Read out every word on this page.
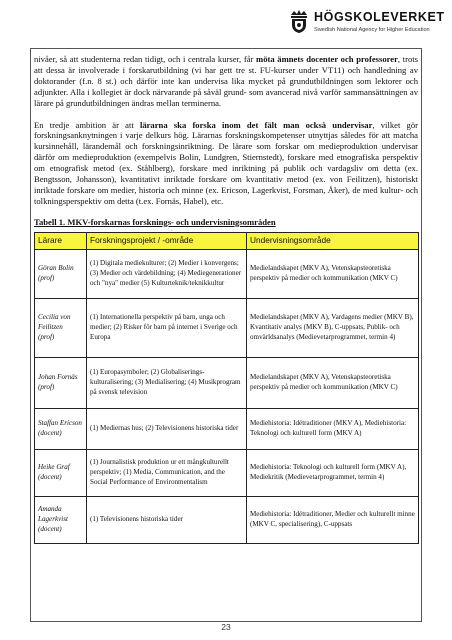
HÖGSKOLEVERKET
Swedish National Agency for Higher Education

nivåer, så att studenterna redan tidigt, och i centrala kurser, får möta ämnets docenter och professorer, trots att dessa är involverade i forskarutbildning (vi har gett tre st. FU-kurser under VT11) och handledning av doktorander (f.n. 8 st.) och därför inte kan undervisa lika mycket på grundutbildningen som lektorer och adjunkter. Alla i kollegiet är dock närvarande på såväl grund- som avancerad nivå varför sammansättningen av lärare på grundutbildningen ändras mellan terminerna.

En tredje ambition är att lärarna ska forska inom det fält man också undervisar, vilket gör forskningsanknytningen i varje delkurs hög. Lärarnas forskningskompetenser utnyttjas således för att matcha kursinnehåll, lärandemål och forskningsinriktning. De lärare som forskar om medieproduktion undervisar därför om medieproduktion (exempelvis Bolin, Lundgren, Stiernstedt), forskare med etnografiska perspektiv om etnografisk metod (ex. Ståhlberg), forskare med inriktning på publik och vardagsliv om detta (ex. Bengtsson, Johansson), kvantitativt inriktade forskare om kvantitativ metod (ex. von Feilitzen), historiskt inriktade forskare om medier, historia och minne (ex. Ericson, Lagerkvist, Forsman, Åker), de med kultur- och tolkningsperspektiv om detta (t.ex. Fornäs, Habel), etc.

Tabell 1. MKV-forskarnas forsknings- och undervisningsområden
Lärare	Forskningsprojekt / -område	Undervisningsområde
Göran Bolin
(prof)	(1) Digitala mediekulturer; (2) Medier i konvergens; (3) Medier och värdebildning; (4) Mediegenerationer och "nya" medier (5) Kulturteknik/teknikkultur	Medielandskapet (MKV A), Vetenskapsteoretiska perspektiv på medier och kommunikation (MKV C)
Cecilia von Feilitzen
(prof)	(1) Internationella perspektiv på barn, unga och medier; (2) Risker för barn på internet i Sverige och Europa	Medielandskapet (MKV A), Vardagens medier (MKV B), Kvantitativ analys (MKV B), C-uppsats, Publik- och omvärldsanalys (Medievetarprogrammet, termin 4)
Johan Fornäs
(prof)	(1) Europasymboler; (2) Globaliserings-kulturalisering; (3) Medialisering; (4) Musikprogram på svensk television	Medielandskapet (MKV A), Vetenskapsteoretiska perspektiv på medier och kommunikation (MKV C)
Staffan Ericson
(docent)	(1) Mediernas hus; (2) Televisionens historiska tider	Mediehistoria: Idétraditioner (MKV A), Mediehistoria: Teknologi och kulturell form (MKV A)
Heike Graf
(docent)	(1) Journalistisk produktion ur ett mångkulturellt perspektiv; (1) Media, Communication, and the Social Performance of Environmentalism	Mediehistoria: Teknologi och kulturell form (MKV A), Mediekritik (Medievetarprogrammet, termin 4)
Amanda Lagerkvist
(docent)	(1) Televisionens historiska tider	Mediehistoria: Idétraditioner, Medier och kulturellt minne (MKV C, specialisering), C-uppsats
23
